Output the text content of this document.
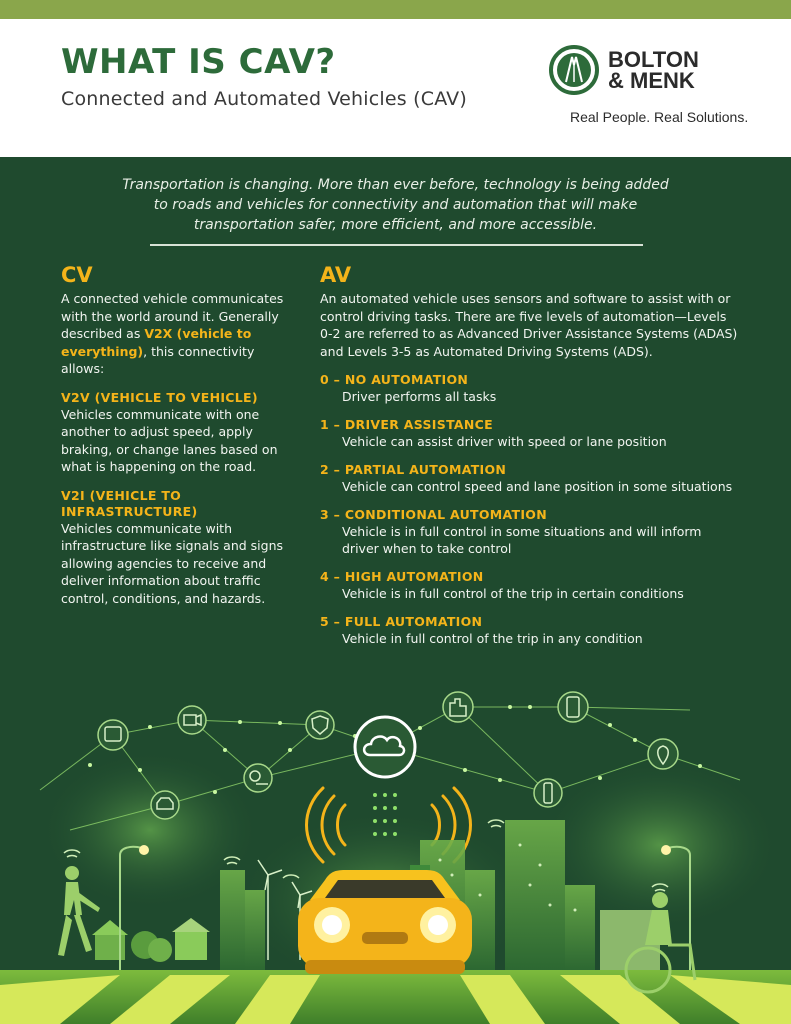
WHAT IS CAV?
Connected and Automated Vehicles (CAV)
BOLTON
& MENK
Real People. Real Solutions.
Transportation is changing. More than ever before, technology is being added to roads and vehicles for connectivity and automation that will make transportation safer, more efficient, and more accessible.
CV

A connected vehicle communicates with the world around it. Generally described as V2X (vehicle to everything), this connectivity allows:

V2V (VEHICLE TO VEHICLE)

Vehicles communicate with one another to adjust speed, apply braking, or change lanes based on what is happening on the road.

V2I (VEHICLE TO INFRASTRUCTURE)

Vehicles communicate with infrastructure like signals and signs allowing agencies to receive and deliver information about traffic control, conditions, and hazards.

AV

An automated vehicle uses sensors and software to assist with or control driving tasks. There are five levels of automation—Levels 0-2 are referred to as Advanced Driver Assistance Systems (ADAS) and Levels 3-5 as Automated Driving Systems (ADS).

0 – NO AUTOMATION
Driver performs all tasks
1 – DRIVER ASSISTANCE
Vehicle can assist driver with speed or lane position
2 – PARTIAL AUTOMATION
Vehicle can control speed and lane position in some situations
3 – CONDITIONAL AUTOMATION
Vehicle is in full control in some situations and will inform driver when to take control
4 – HIGH AUTOMATION
Vehicle is in full control of the trip in certain conditions
5 – FULL AUTOMATION
Vehicle in full control of the trip in any condition
